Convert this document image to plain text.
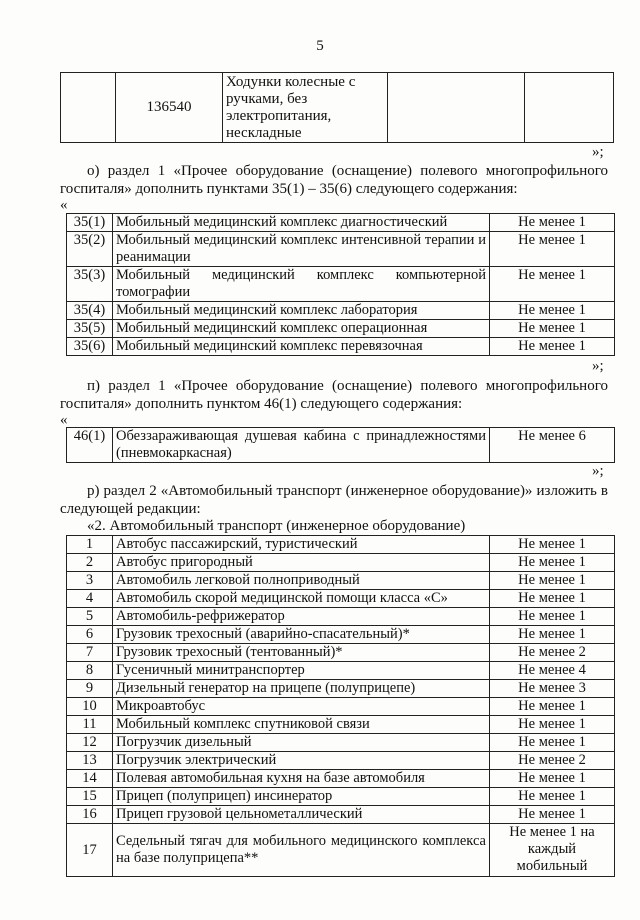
5
	136540	Ходунки колесные с ручками, без электропитания, нескладные		
»;
о) раздел 1 «Прочее оборудование (оснащение) полевого многопрофильного госпиталя» дополнить пунктами 35(1) – 35(6) следующего содержания:
«
35(1)	Мобильный медицинский комплекс диагностический	Не менее 1
35(2)	Мобильный медицинский комплекс интенсивной терапии и реанимации	Не менее 1
35(3)	Мобильный медицинский комплекс компьютерной томографии	Не менее 1
35(4)	Мобильный медицинский комплекс лаборатория	Не менее 1
35(5)	Мобильный медицинский комплекс операционная	Не менее 1
35(6)	Мобильный медицинский комплекс перевязочная	Не менее 1
»;
п) раздел 1 «Прочее оборудование (оснащение) полевого многопрофильного госпиталя» дополнить пунктом 46(1) следующего содержания:
«
46(1)	Обеззараживающая душевая кабина с принадлежностями (пневмокаркасная)	Не менее 6
»;
р) раздел 2 «Автомобильный транспорт (инженерное оборудование)» изложить в следующей редакции:
«2. Автомобильный транспорт (инженерное оборудование)
1	Автобус пассажирский, туристический	Не менее 1
2	Автобус пригородный	Не менее 1
3	Автомобиль легковой полноприводный	Не менее 1
4	Автомобиль скорой медицинской помощи класса «С»	Не менее 1
5	Автомобиль-рефрижератор	Не менее 1
6	Грузовик трехосный (аварийно-спасательный)*	Не менее 1
7	Грузовик трехосный (тентованный)*	Не менее 2
8	Гусеничный минитранспортер	Не менее 4
9	Дизельный генератор на прицепе (полуприцепе)	Не менее 3
10	Микроавтобус	Не менее 1
11	Мобильный комплекс спутниковой связи	Не менее 1
12	Погрузчик дизельный	Не менее 1
13	Погрузчик электрический	Не менее 2
14	Полевая автомобильная кухня на базе автомобиля	Не менее 1
15	Прицеп (полуприцеп) инсинератор	Не менее 1
16	Прицеп грузовой цельнометаллический	Не менее 1
17	Седельный тягач для мобильного медицинского комплекса на базе полуприцепа**	Не менее 1 на каждый мобильный
